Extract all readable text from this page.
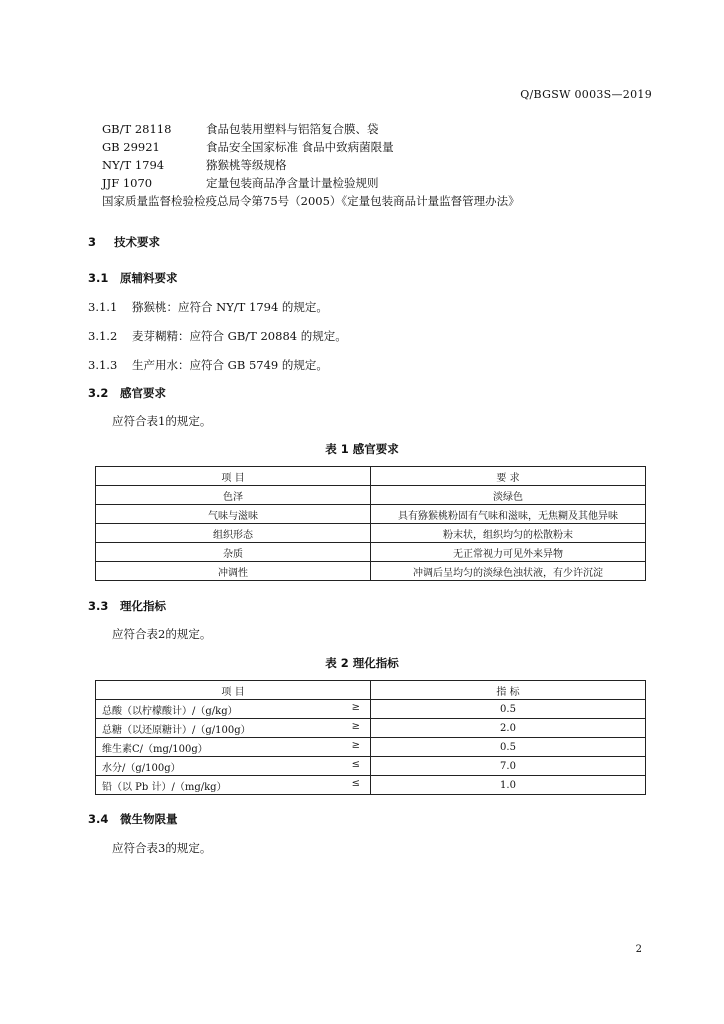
Q/BGSW 0003S—2019
GB/T 28118	食品包装用塑料与铝箔复合膜、袋
GB 29921	食品安全国家标准 食品中致病菌限量
NY/T 1794	猕猴桃等级规格
JJF 1070	定量包装商品净含量计量检验规则
国家质量监督检验检疫总局令第75号（2005）《定量包装商品计量监督管理办法》
3 技术要求
3.1 原辅料要求
3.1.1 猕猴桃：应符合 NY/T 1794 的规定。
3.1.2 麦芽糊精：应符合 GB/T 20884 的规定。
3.1.3 生产用水：应符合 GB 5749 的规定。
3.2 感官要求
应符合表1的规定。
表 1 感官要求
项 目	要 求
色泽	淡绿色
气味与滋味	具有猕猴桃粉固有气味和滋味，无焦糊及其他异味
组织形态	粉末状，组织均匀的松散粉末
杂质	无正常视力可见外来异物
冲调性	冲调后呈均匀的淡绿色浊状液，有少许沉淀
3.3 理化指标
应符合表2的规定。
表 2 理化指标
项 目	指 标
总酸（以柠檬酸计）/（g/kg） ≥	0.5
总糖（以还原糖计）/（g/100g） ≥	2.0
维生素C/（mg/100g） ≥	0.5
水分/（g/100g） ≤	7.0
铅（以 Pb 计）/（mg/kg） ≤	1.0
3.4 微生物限量
应符合表3的规定。
2
